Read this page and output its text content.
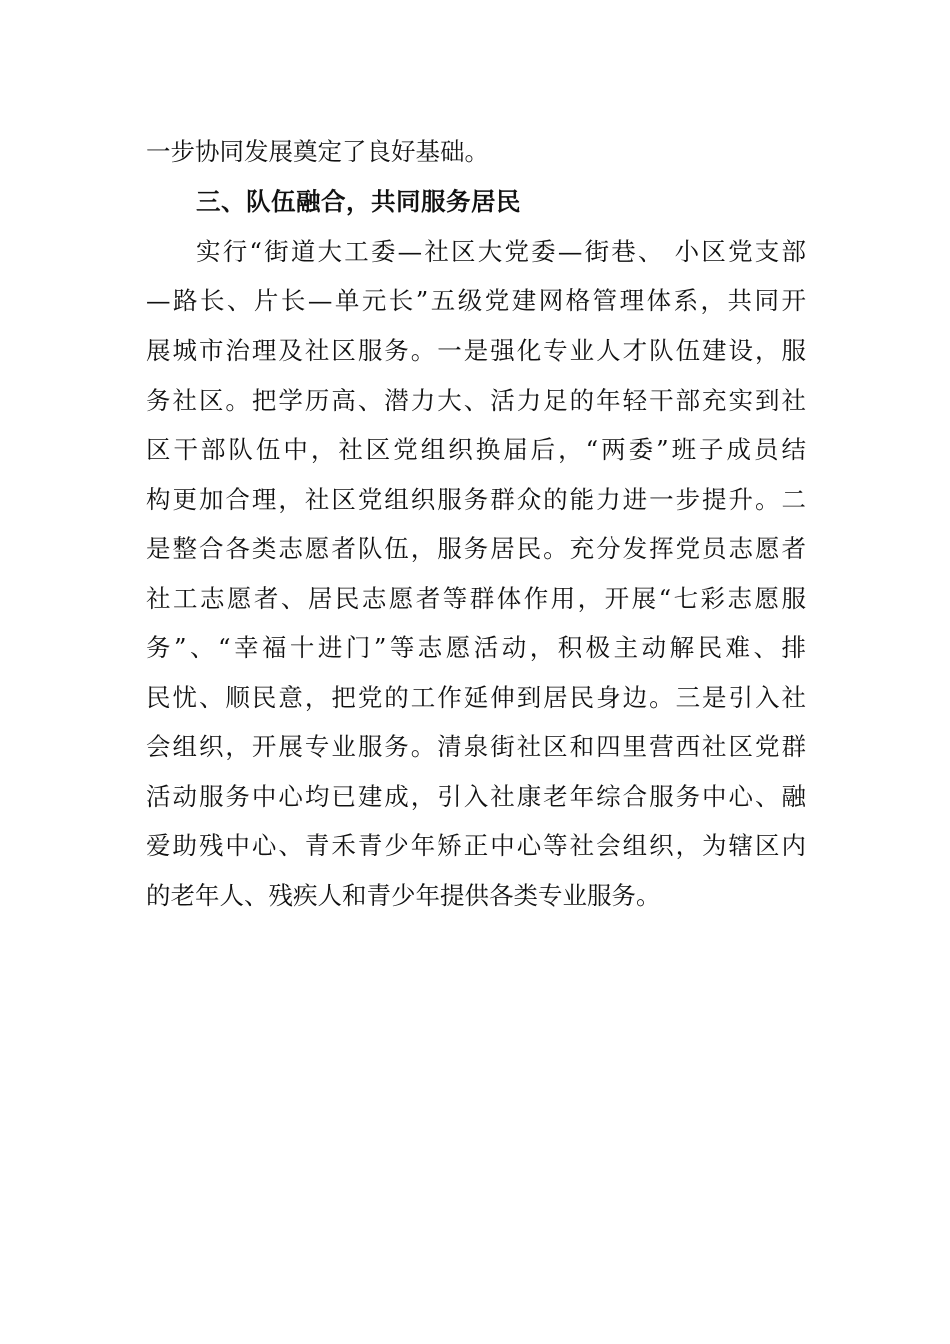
一步协同发展奠定了良好基础。
三、队伍融合，共同服务居民
实行“街道大工委—社区大党委—街巷、 小区党支部
—路长、片长—单元长”五级党建网格管理体系，共同开
展城市治理及社区服务。一是强化专业人才队伍建设，服
务社区。把学历高、潜力大、活力足的年轻干部充实到社
区干部队伍中，社区党组织换届后，“两委”班子成员结
构更加合理，社区党组织服务群众的能力进一步提升。二
是整合各类志愿者队伍，服务居民。充分发挥党员志愿者
社工志愿者、居民志愿者等群体作用，开展“七彩志愿服
务”、“幸福十进门”等志愿活动，积极主动解民难、排
民忧、顺民意，把党的工作延伸到居民身边。三是引入社
会组织，开展专业服务。清泉街社区和四里营西社区党群
活动服务中心均已建成，引入社康老年综合服务中心、融
爱助残中心、青禾青少年矫正中心等社会组织，为辖区内
的老年人、残疾人和青少年提供各类专业服务。
